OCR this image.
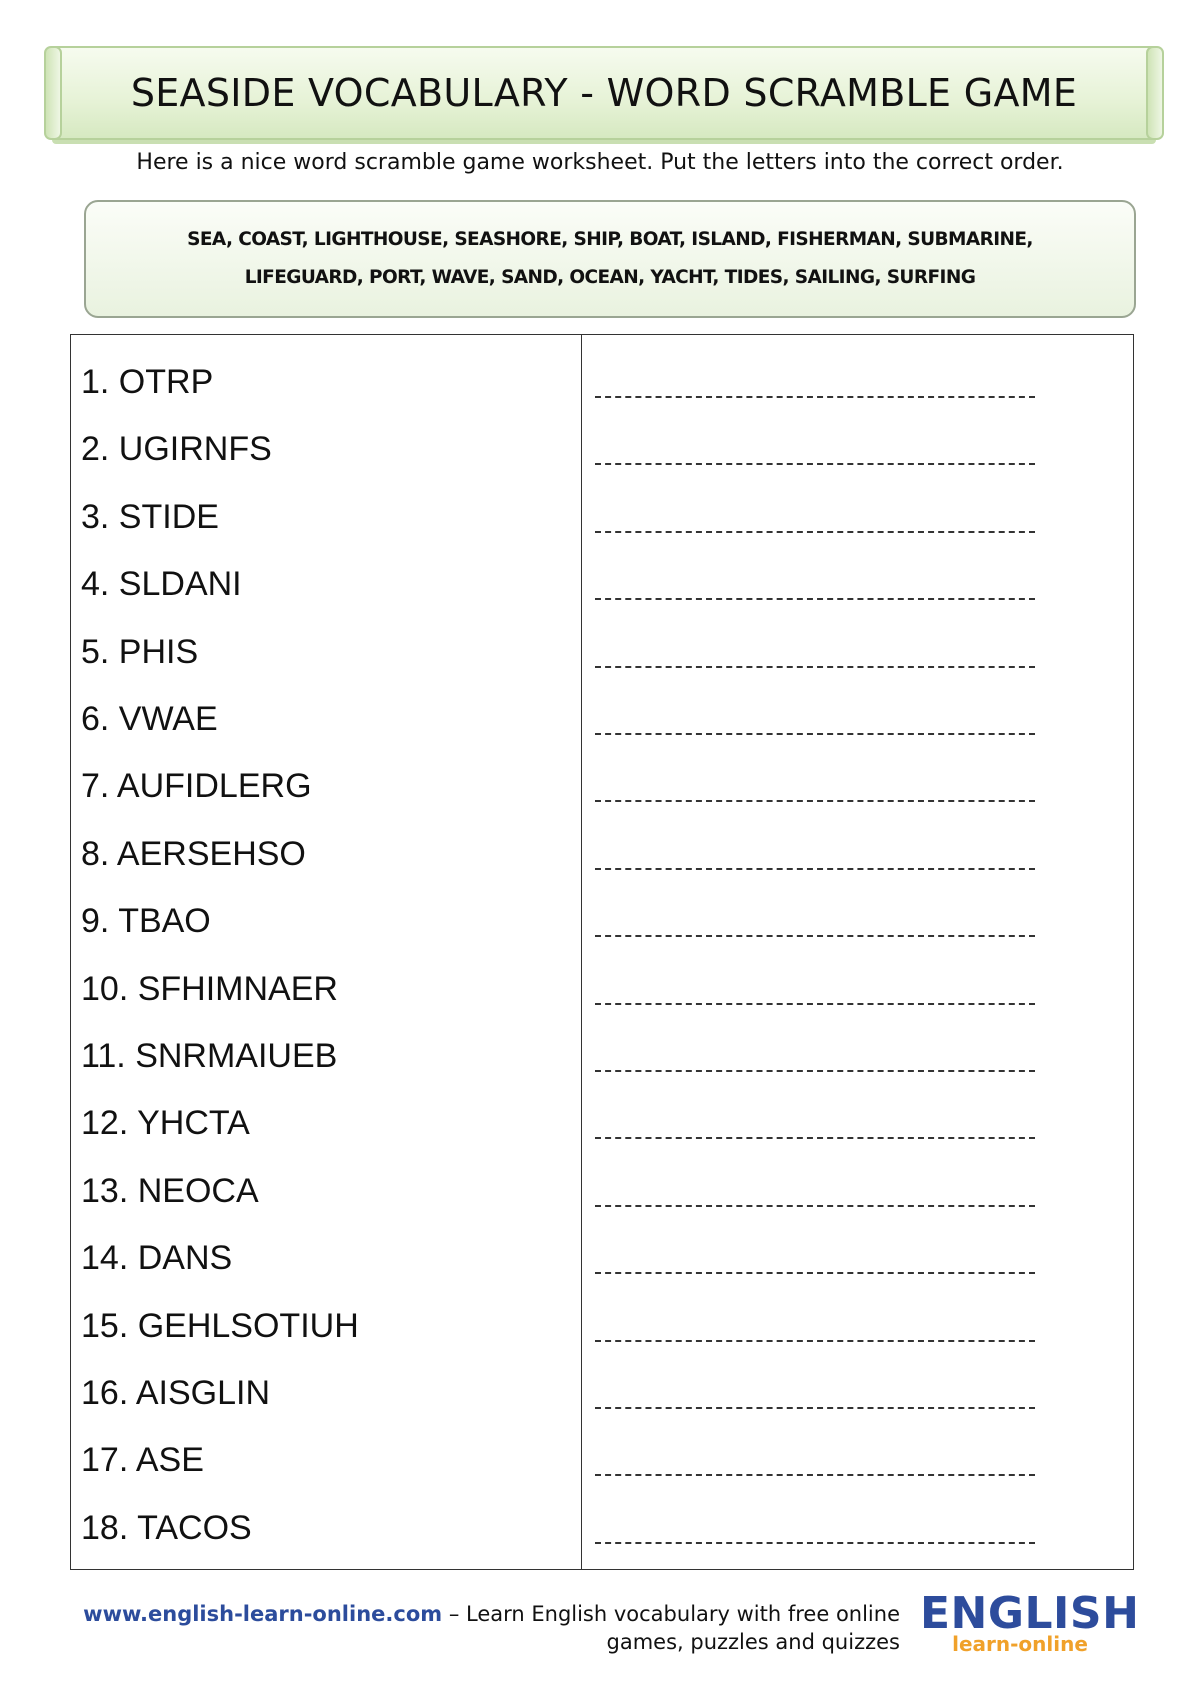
SEASIDE VOCABULARY - WORD SCRAMBLE GAME
Here is a nice word scramble game worksheet. Put the letters into the correct order.

SEA, COAST, LIGHTHOUSE, SEASHORE, SHIP, BOAT, ISLAND, FISHERMAN, SUBMARINE,
LIFEGUARD, PORT, WAVE, SAND, OCEAN, YACHT, TIDES, SAILING, SURFING

1. OTRP
2. UGIRNFS
3. STIDE
4. SLDANI
5. PHIS
6. VWAE
7. AUFIDLERG
8. AERSEHSO
9. TBAO
10. SFHIMNAER
11. SNRMAIUEB
12. YHCTA
13. NEOCA
14. DANS
15. GEHLSOTIUH
16. AISGLIN
17. ASE
18. TACOS
www.english-learn-online.com – Learn English vocabulary with free online
games, puzzles and quizzes
ENGLISH
learn-online
